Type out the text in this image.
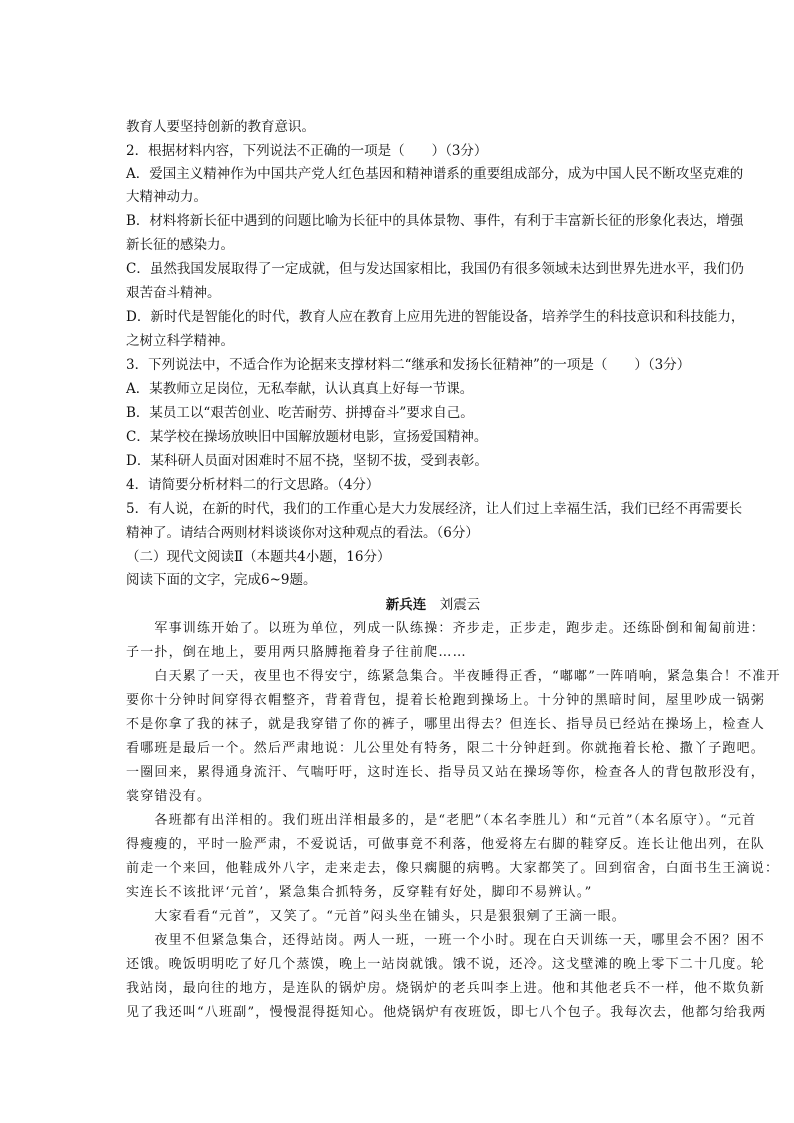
教育人要坚持创新的教育意识。
2．根据材料内容，下列说法不正确的一项是（　　）（3分）
A．爱国主义精神作为中国共产党人红色基因和精神谱系的重要组成部分，成为中国人民不断攻坚克难的
大精神动力。
B．材料将新长征中遇到的问题比喻为长征中的具体景物、事件，有利于丰富新长征的形象化表达，增强
新长征的感染力。
C．虽然我国发展取得了一定成就，但与发达国家相比，我国仍有很多领域未达到世界先进水平，我们仍
艰苦奋斗精神。
D．新时代是智能化的时代，教育人应在教育上应用先进的智能设备，培养学生的科技意识和科技能力，
之树立科学精神。
3．下列说法中，不适合作为论据来支撑材料二“继承和发扬长征精神”的一项是（　　）（3分）
A．某教师立足岗位，无私奉献，认认真真上好每一节课。
B．某员工以“艰苦创业、吃苦耐劳、拼搏奋斗”要求自己。
C．某学校在操场放映旧中国解放题材电影，宣扬爱国精神。
D．某科研人员面对困难时不屈不挠，坚韧不拔，受到表彰。
4．请简要分析材料二的行文思路。（4分）
5．有人说，在新的时代，我们的工作重心是大力发展经济，让人们过上幸福生活，我们已经不再需要长
精神了。请结合两则材料谈谈你对这种观点的看法。（6分）
（二）现代文阅读Ⅱ（本题共4小题，16分）
阅读下面的文字，完成6~9题。
新兵连　 刘震云
　　军事训练开始了。以班为单位，列成一队练操：齐步走，正步走，跑步走。还练卧倒和匍匐前进：
子一扑，倒在地上，要用两只胳膊拖着身子往前爬……
　　白天累了一天，夜里也不得安宁，练紧急集合。半夜睡得正香，“嘟嘟”一阵哨响，紧急集合！不准开
要你十分钟时间穿得衣帽整齐，背着背包，提着长枪跑到操场上。十分钟的黑暗时间，屋里吵成一锅粥
不是你拿了我的袜子，就是我穿错了你的裤子，哪里出得去？但连长、指导员已经站在操场上，检查人
看哪班是最后一个。然后严肃地说：儿公里处有特务，限二十分钟赶到。你就拖着长枪、撒丫子跑吧。
一圈回来，累得通身流汗、气喘吁吁，这时连长、指导员又站在操场等你，检查各人的背包散形没有，
裳穿错没有。
　　各班都有出洋相的。我们班出洋相最多的，是“老肥”（本名李胜儿）和“元首”（本名原守）。“元首
得瘦瘦的，平时一脸严肃，不爱说话，可做事竟不利落，他爱将左右脚的鞋穿反。连长让他出列，在队
前走一个来回，他鞋成外八字，走来走去，像只瘸腿的病鸭。大家都笑了。回到宿舍，白面书生王滴说：
实连长不该批评‘元首’，紧急集合抓特务，反穿鞋有好处，脚印不易辨认。”
　　大家看看“元首”，又笑了。“元首”闷头坐在铺头，只是狠狠剜了王滴一眼。
　　夜里不但紧急集合，还得站岗。两人一班，一班一个小时。现在白天训练一天，哪里会不困？困不
还饿。晚饭明明吃了好几个蒸馍，晚上一站岗就饿。饿不说，还冷。这戈壁滩的晚上零下二十几度。轮
我站岗，最向往的地方，是连队的锅炉房。烧锅炉的老兵叫李上进。他和其他老兵不一样，他不欺负新
见了我还叫“八班副”，慢慢混得挺知心。他烧锅炉有夜班饭，即七八个包子。我每次去，他都匀给我两
